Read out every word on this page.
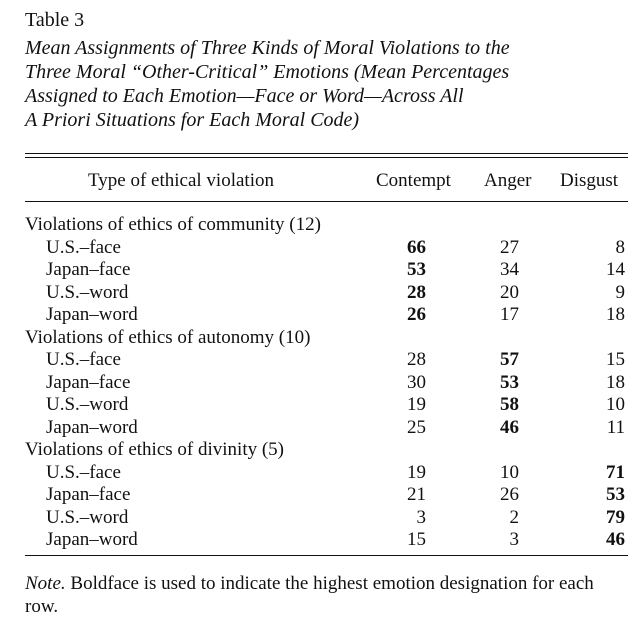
Table 3
Mean Assignments of Three Kinds of Moral Violations to the
Three Moral “Other-Critical” Emotions (Mean Percentages
Assigned to Each Emotion—Face or Word—Across All
A Priori Situations for Each Moral Code)
Type of ethical violation	Contempt Anger Disgust
Violations of ethics of community (12)
U.S.–face	66	27	8
Japan–face	53	34	14
U.S.–word	28	20	9
Japan–word	26	17	18
Violations of ethics of autonomy (10)
U.S.–face	28	57	15
Japan–face	30	53	18
U.S.–word	19	58	10
Japan–word	25	46	11
Violations of ethics of divinity (5)
U.S.–face	19	10	71
Japan–face	21	26	53
U.S.–word	3	2	79
Japan–word	15	3	46
Note. Boldface is used to indicate the highest emotion designation for each row.
